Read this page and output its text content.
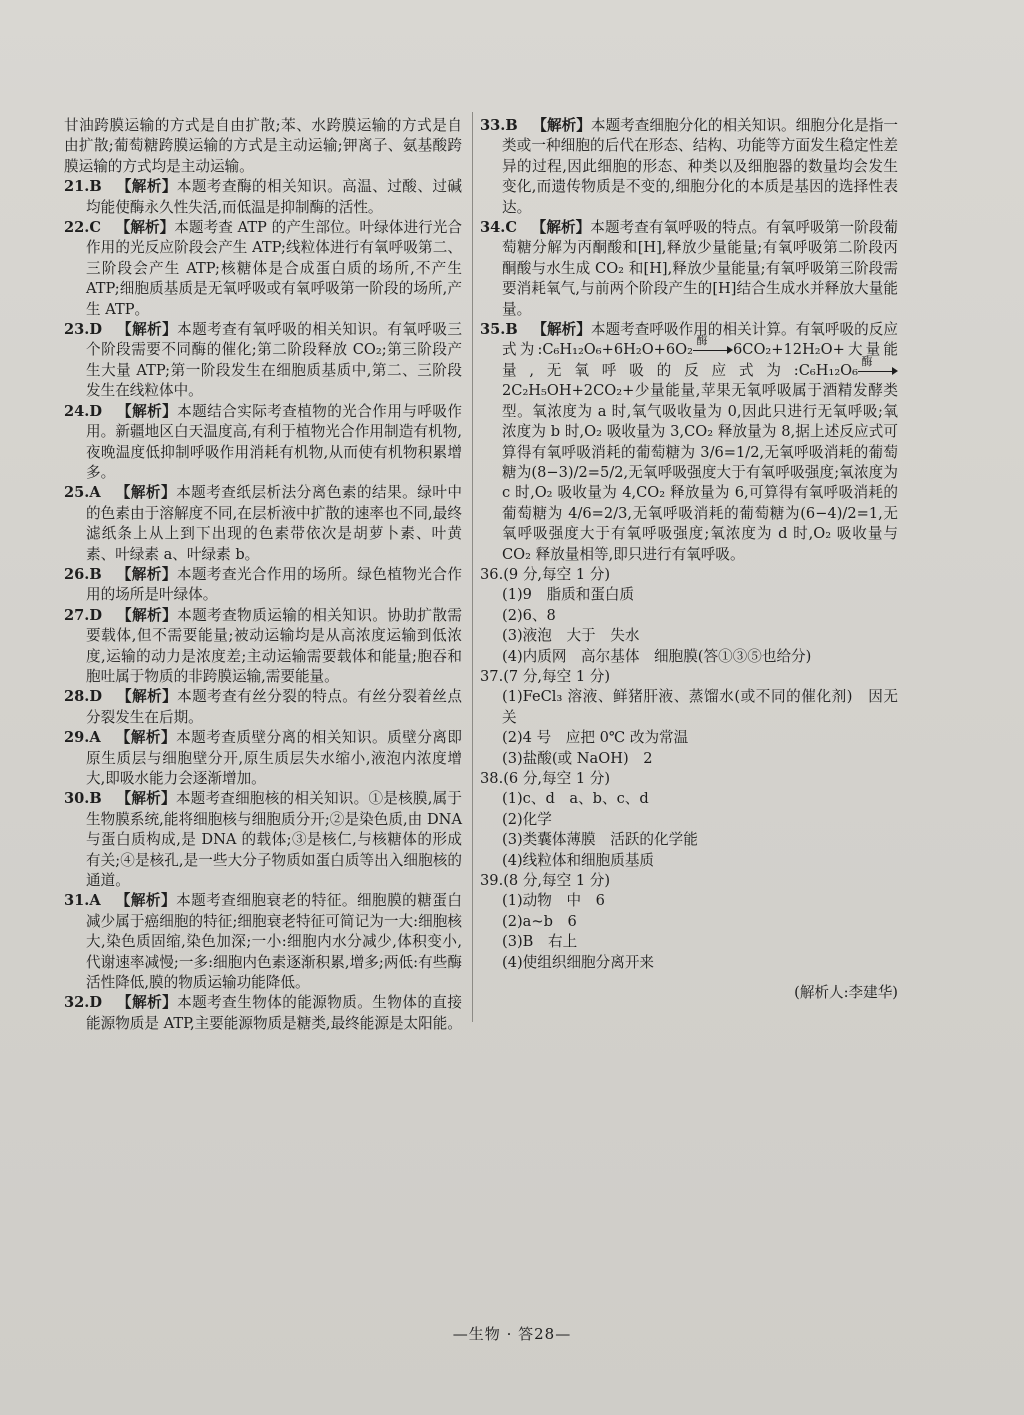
甘油跨膜运输的方式是自由扩散;苯、水跨膜运输的方式是自由扩散;葡萄糖跨膜运输的方式是主动运输;钾离子、氨基酸跨膜运输的方式均是主动运输。

21.B  【解析】本题考查酶的相关知识。高温、过酸、过碱均能使酶永久性失活,而低温是抑制酶的活性。

22.C  【解析】本题考查 ATP 的产生部位。叶绿体进行光合作用的光反应阶段会产生 ATP;线粒体进行有氧呼吸第二、三阶段会产生 ATP;核糖体是合成蛋白质的场所,不产生 ATP;细胞质基质是无氧呼吸或有氧呼吸第一阶段的场所,产生 ATP。

23.D  【解析】本题考查有氧呼吸的相关知识。有氧呼吸三个阶段需要不同酶的催化;第二阶段释放 CO₂;第三阶段产生大量 ATP;第一阶段发生在细胞质基质中,第二、三阶段发生在线粒体中。

24.D  【解析】本题结合实际考查植物的光合作用与呼吸作用。新疆地区白天温度高,有利于植物光合作用制造有机物,夜晚温度低抑制呼吸作用消耗有机物,从而使有机物积累增多。

25.A  【解析】本题考查纸层析法分离色素的结果。绿叶中的色素由于溶解度不同,在层析液中扩散的速率也不同,最终滤纸条上从上到下出现的色素带依次是胡萝卜素、叶黄素、叶绿素 a、叶绿素 b。

26.B  【解析】本题考查光合作用的场所。绿色植物光合作用的场所是叶绿体。

27.D  【解析】本题考查物质运输的相关知识。协助扩散需要载体,但不需要能量;被动运输均是从高浓度运输到低浓度,运输的动力是浓度差;主动运输需要载体和能量;胞吞和胞吐属于物质的非跨膜运输,需要能量。

28.D  【解析】本题考查有丝分裂的特点。有丝分裂着丝点分裂发生在后期。

29.A  【解析】本题考查质壁分离的相关知识。质壁分离即原生质层与细胞壁分开,原生质层失水缩小,液泡内浓度增大,即吸水能力会逐渐增加。

30.B  【解析】本题考查细胞核的相关知识。①是核膜,属于生物膜系统,能将细胞核与细胞质分开;②是染色质,由 DNA 与蛋白质构成,是 DNA 的载体;③是核仁,与核糖体的形成有关;④是核孔,是一些大分子物质如蛋白质等出入细胞核的通道。

31.A  【解析】本题考查细胞衰老的特征。细胞膜的糖蛋白减少属于癌细胞的特征;细胞衰老特征可简记为一大:细胞核大,染色质固缩,染色加深;一小:细胞内水分减少,体积变小,代谢速率减慢;一多:细胞内色素逐渐积累,增多;两低:有些酶活性降低,膜的物质运输功能降低。

32.D  【解析】本题考查生物体的能源物质。生物体的直接能源物质是 ATP,主要能源物质是糖类,最终能源是太阳能。

33.B  【解析】本题考查细胞分化的相关知识。细胞分化是指一类或一种细胞的后代在形态、结构、功能等方面发生稳定性差异的过程,因此细胞的形态、种类以及细胞器的数量均会发生变化,而遗传物质是不变的,细胞分化的本质是基因的选择性表达。

34.C  【解析】本题考查有氧呼吸的特点。有氧呼吸第一阶段葡萄糖分解为丙酮酸和[H],释放少量能量;有氧呼吸第二阶段丙酮酸与水生成 CO₂ 和[H],释放少量能量;有氧呼吸第三阶段需要消耗氧气,与前两个阶段产生的[H]结合生成水并释放大量能量。

35.B  【解析】本题考查呼吸作用的相关计算。有氧呼吸的反应式为:C₆H₁₂O₆+6H₂O+6O₂
酶
6CO₂+12H₂O+大量能量,无氧呼吸的反应式为:C₆H₁₂O₆
酶
2C₂H₅OH+2CO₂+少量能量,苹果无氧呼吸属于酒精发酵类型。氧浓度为 a 时,氧气吸收量为 0,因此只进行无氧呼吸;氧浓度为 b 时,O₂ 吸收量为 3,CO₂ 释放量为 8,据上述反应式可算得有氧呼吸消耗的葡萄糖为 3/6=1/2,无氧呼吸消耗的葡萄糖为(8−3)/2=5/2,无氧呼吸强度大于有氧呼吸强度;氧浓度为 c 时,O₂ 吸收量为 4,CO₂ 释放量为 6,可算得有氧呼吸消耗的葡萄糖为 4/6=2/3,无氧呼吸消耗的葡萄糖为(6−4)/2=1,无氧呼吸强度大于有氧呼吸强度;氧浓度为 d 时,O₂ 吸收量与 CO₂ 释放量相等,即只进行有氧呼吸。

36.(9 分,每空 1 分)
(1)9　脂质和蛋白质
(2)6、8
(3)液泡　大于　失水
(4)内质网　高尔基体　细胞膜(答①③⑤也给分)
37.(7 分,每空 1 分)
(1)FeCl₃ 溶液、鲜猪肝液、蒸馏水(或不同的催化剂)　因无关
(2)4 号　应把 0℃ 改为常温
(3)盐酸(或 NaOH)　2
38.(6 分,每空 1 分)
(1)c、d　a、b、c、d
(2)化学
(3)类囊体薄膜　活跃的化学能
(4)线粒体和细胞质基质
39.(8 分,每空 1 分)
(1)动物　中　6
(2)a~b　6
(3)B　右上
(4)使组织细胞分离开来
(解析人:李建华)
—生物 · 答28—
